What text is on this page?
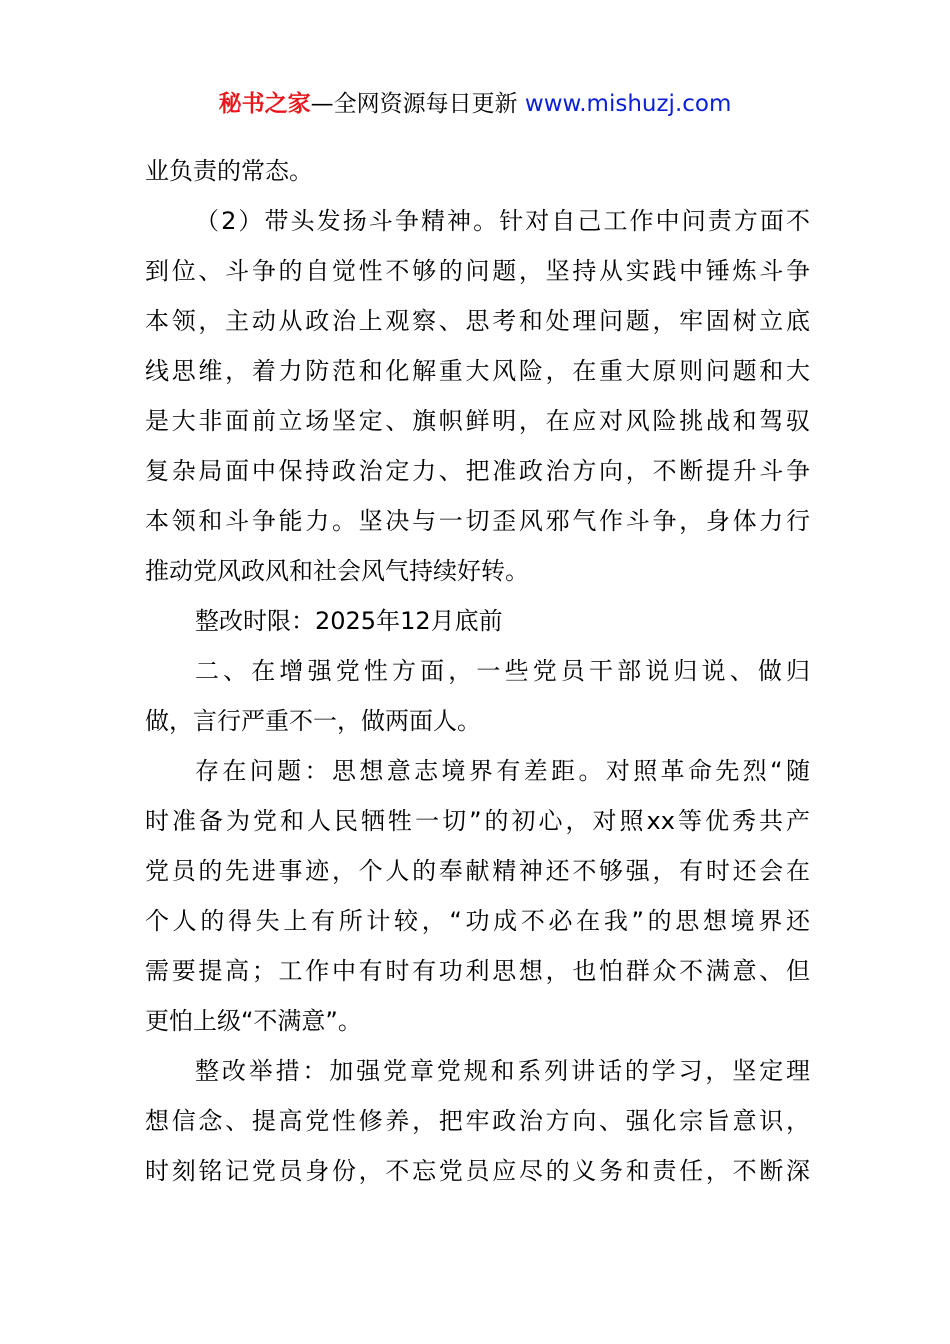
秘书之家—全网资源每日更新 www.mishuzj.com
业负责的常态。
（2）带头发扬斗争精神。针对自己工作中问责方面不
到位、斗争的自觉性不够的问题，坚持从实践中锤炼斗争
本领，主动从政治上观察、思考和处理问题，牢固树立底
线思维，着力防范和化解重大风险，在重大原则问题和大
是大非面前立场坚定、旗帜鲜明，在应对风险挑战和驾驭
复杂局面中保持政治定力、把准政治方向，不断提升斗争
本领和斗争能力。坚决与一切歪风邪气作斗争，身体力行
推动党风政风和社会风气持续好转。
整改时限：2025年12月底前
二、在增强党性方面，一些党员干部说归说、做归
做，言行严重不一，做两面人。
存在问题：思想意志境界有差距。对照革命先烈“随
时准备为党和人民牺牲一切”的初心，对照xx等优秀共产
党员的先进事迹，个人的奉献精神还不够强，有时还会在
个人的得失上有所计较，“功成不必在我”的思想境界还
需要提高；工作中有时有功利思想，也怕群众不满意、但
更怕上级“不满意”。
整改举措：加强党章党规和系列讲话的学习，坚定理
想信念、提高党性修养，把牢政治方向、强化宗旨意识，
时刻铭记党员身份，不忘党员应尽的义务和责任，不断深
